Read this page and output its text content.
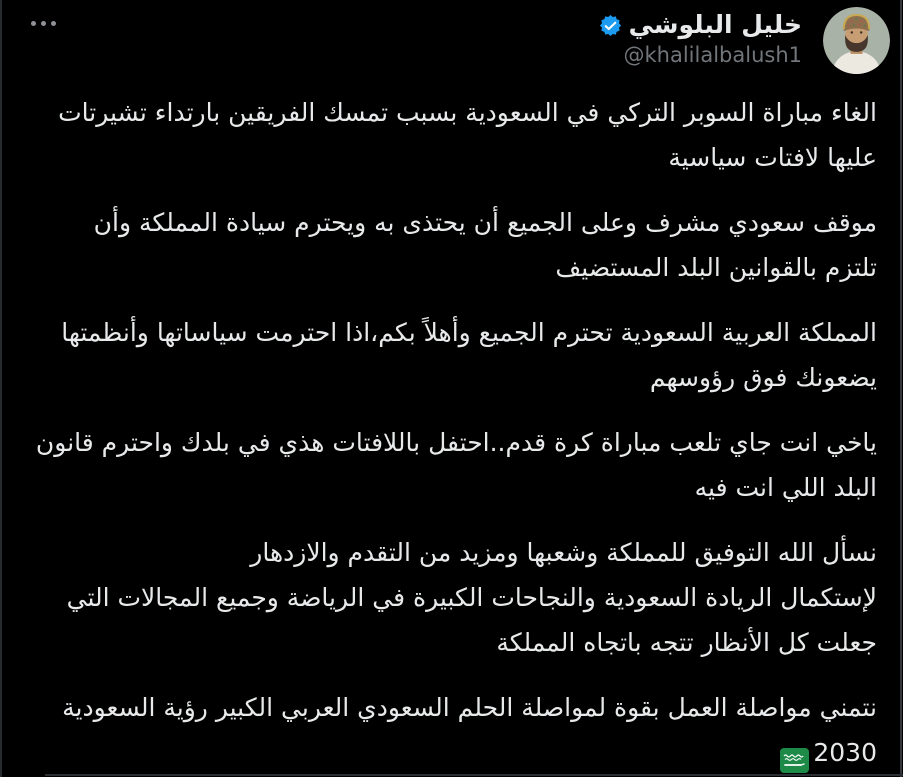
خليل البلوشي
@khalilalbalush1
الغاء مباراة السوبر التركي في السعودية بسبب تمسك الفريقين بارتداء تشيرتات
عليها لافتات سياسية
موقف سعودي مشرف وعلى الجميع أن يحتذى به ويحترم سيادة المملكة وأن
تلتزم بالقوانين البلد المستضيف
المملكة العربية السعودية تحترم الجميع وأهلاً بكم،اذا احترمت سياساتها وأنظمتها
يضعونك فوق رؤوسهم
ياخي انت جاي تلعب مباراة كرة قدم..احتفل باللافتات هذي في بلدك واحترم قانون
البلد اللي انت فيه
نسأل الله التوفيق للمملكة وشعبها ومزيد من التقدم والازدهار
لإستكمال الريادة السعودية والنجاحات الكبيرة في الرياضة وجميع المجالات التي
جعلت كل الأنظار تتجه باتجاه المملكة
نتمني مواصلة العمل بقوة لمواصلة الحلم السعودي العربي الكبير رؤية السعودية
2030
